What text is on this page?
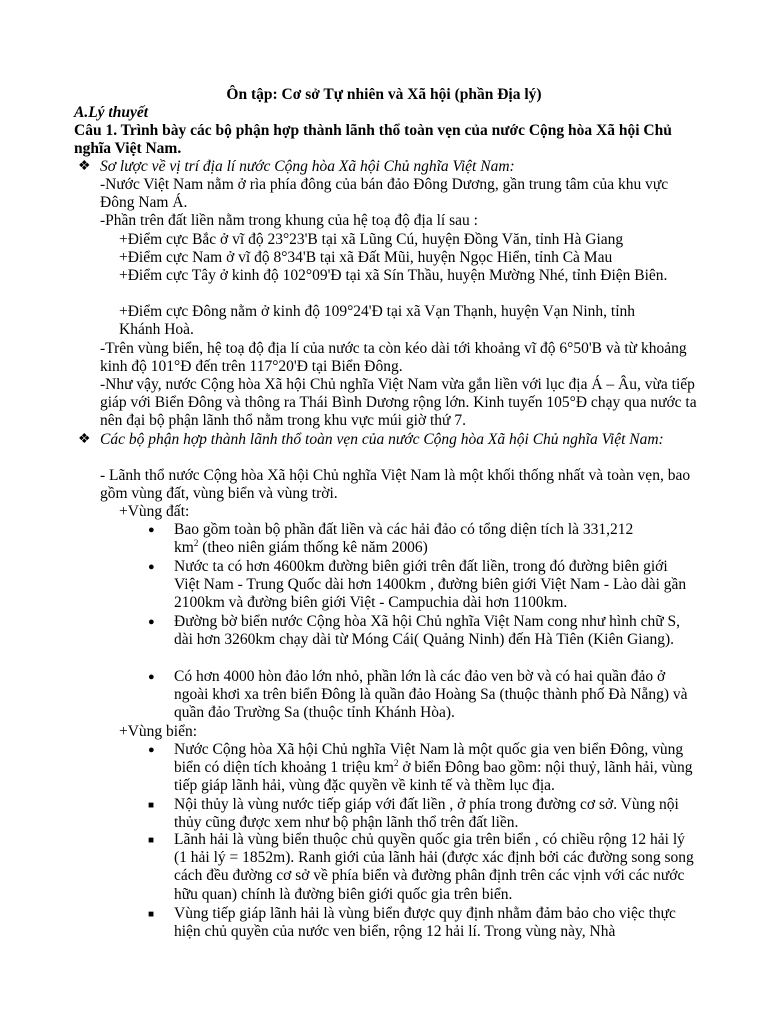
Ôn tập: Cơ sở Tự nhiên và Xã hội (phần Địa lý)
A.Lý thuyết
Câu 1. Trình bày các bộ phận hợp thành lãnh thổ toàn vẹn của nước Cộng hòa Xã hội Chủ nghĩa Việt Nam.
❖ Sơ lược về vị trí địa lí nước Cộng hòa Xã hội Chủ nghĩa Việt Nam:
-Nước Việt Nam nằm ở rìa phía đông của bán đảo Đông Dương, gần trung tâm của khu vực Đông Nam Á.
-Phần trên đất liền nằm trong khung của hệ toạ độ địa lí sau :
+Điểm cực Bắc ở vĩ độ 23°23'B tại xã Lũng Cú, huyện Đồng Văn, tỉnh Hà Giang
+Điểm cực Nam ở vĩ độ 8°34'B tại xã Đất Mũi, huyện Ngọc Hiển, tỉnh Cà Mau
+Điểm cực Tây ở kinh độ 102°09'Đ tại xã Sín Thầu, huyện Mường Nhé, tỉnh Điện Biên.
+Điểm cực Đông nằm ở kinh độ 109°24'Đ tại xã Vạn Thạnh, huyện Vạn Ninh, tỉnh Khánh Hoà.
-Trên vùng biển, hệ toạ độ địa lí của nước ta còn kéo dài tới khoảng vĩ độ 6°50'B và từ khoảng kinh độ 101°Đ đến trên 117°20'Đ tại Biển Đông.
-Như vậy, nước Cộng hòa Xã hội Chủ nghĩa Việt Nam vừa gắn liền với lục địa Á – Âu, vừa tiếp giáp với Biển Đông và thông ra Thái Bình Dương rộng lớn. Kinh tuyến 105°Đ chạy qua nước ta nên đại bộ phận lãnh thổ nằm trong khu vực múi giờ thứ 7.
❖ Các bộ phận hợp thành lãnh thổ toàn vẹn của nước Cộng hòa Xã hội Chủ nghĩa Việt Nam:
- Lãnh thổ nước Cộng hòa Xã hội Chủ nghĩa Việt Nam là một khối thống nhất và toàn vẹn, bao gồm vùng đất, vùng biển và vùng trời.
+Vùng đất:
● Bao gồm toàn bộ phần đất liền và các hải đảo có tổng diện tích là 331,212
$km^2$ (theo niên giám thống kê năm 2006)
● Nước ta có hơn 4600km đường biên giới trên đất liền, trong đó đường biên giới Việt Nam - Trung Quốc dài hơn 1400km , đường biên giới Việt Nam - Lào dài gần 2100km và đường biên giới Việt - Campuchia dài hơn 1100km.
● Đường bờ biển nước Cộng hòa Xã hội Chủ nghĩa Việt Nam cong như hình chữ S, dài hơn 3260km chạy dài từ Móng Cái( Quảng Ninh) đến Hà Tiên (Kiên Giang).
● Có hơn 4000 hòn đảo lớn nhỏ, phần lớn là các đảo ven bờ và có hai quần đảo ở ngoài khơi xa trên biển Đông là quần đảo Hoàng Sa (thuộc thành phố Đà Nẵng) và quần đảo Trường Sa (thuộc tỉnh Khánh Hòa).
+Vùng biển:
● Nước Cộng hòa Xã hội Chủ nghĩa Việt Nam là một quốc gia ven biển Đông, vùng biển có diện tích khoảng 1 triệu $km^2$ ở biển Đông bao gồm: nội thuỷ, lãnh hải, vùng tiếp giáp lãnh hải, vùng đặc quyền về kinh tế và thềm lục địa.
■ Nội thủy là vùng nước tiếp giáp với đất liền , ở phía trong đường cơ sở. Vùng nội thủy cũng được xem như bộ phận lãnh thổ trên đất liền.
■ Lãnh hải là vùng biển thuộc chủ quyền quốc gia trên biển , có chiều rộng 12 hải lý (1 hải lý = 1852m). Ranh giới của lãnh hải (được xác định bởi các đường song song cách đều đường cơ sở về phía biển và đường phân định trên các vịnh với các nước hữu quan) chính là đường biên giới quốc gia trên biển.
■ Vùng tiếp giáp lãnh hải là vùng biển được quy định nhằm đảm bảo cho việc thực hiện chủ quyền của nước ven biển, rộng 12 hải lí. Trong vùng này, Nhà
